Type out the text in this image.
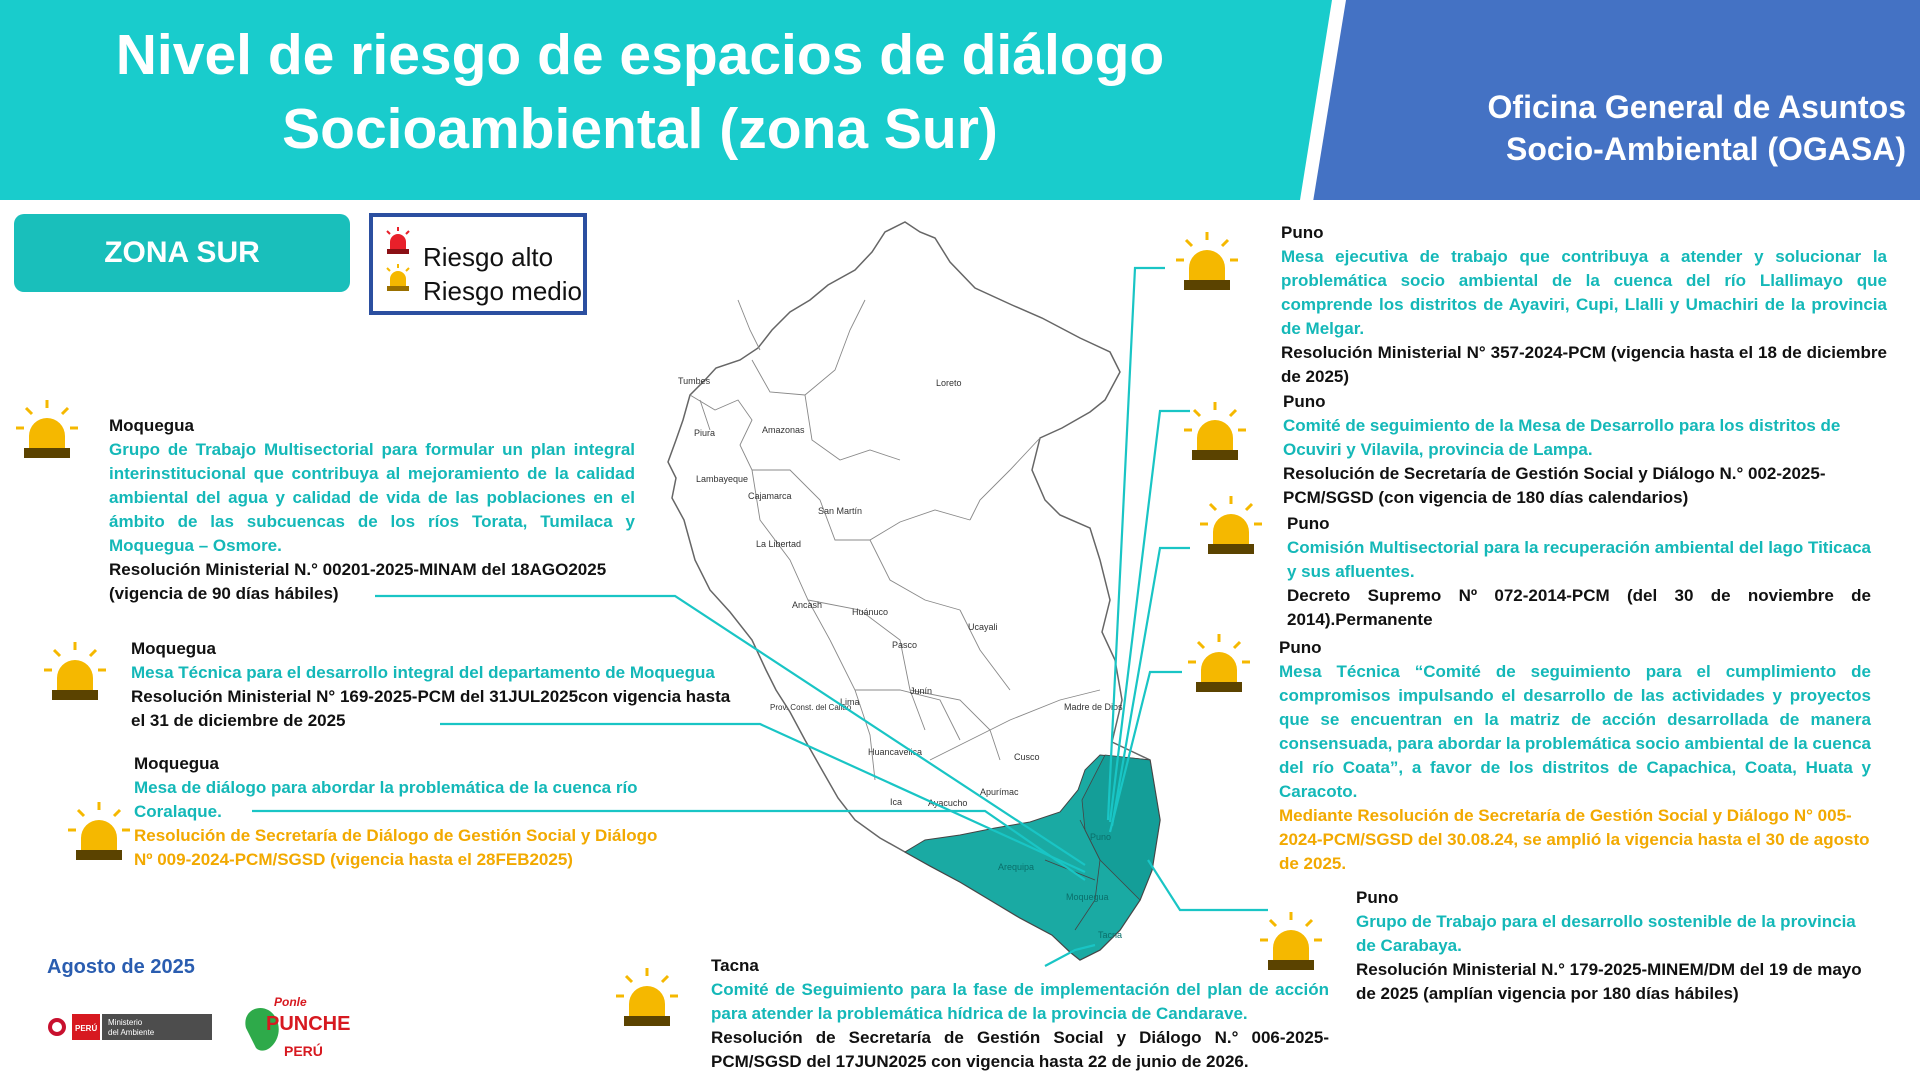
Nivel de riesgo de espacios de diálogo
Socioambiental (zona Sur)	Oficina General de Asuntos
Socio-Ambiental (OGASA)
ZONA SUR	Riesgo alto
Riesgo medio
Tumbes
Piura
Lambayeque
Amazonas
Loreto
Cajamarca
La Libertad
San Martín
Ancash
Huánuco
Pasco
Ucayali
Junín
Lima
Prov. Const. del Callao
Huancavelica
Ica	Ayacucho
Cusco
Apurímac
Madre de Dios
Arequipa
Moquegua
Tacna
Puno
Moquegua
Grupo de Trabajo Multisectorial para formular un plan integral interinstitucional que contribuya al mejoramiento de la calidad ambiental del agua y calidad de vida de las poblaciones en el ámbito de las subcuencas de los ríos Torata, Tumilaca y Moquegua – Osmore.
Resolución Ministerial N.° 00201-2025-MINAM del 18AGO2025 (vigencia de 90 días hábiles)
Moquegua
Mesa Técnica para el desarrollo integral del departamento de Moquegua
Resolución Ministerial N° 169-2025-PCM del 31JUL2025con vigencia hasta el 31 de diciembre de 2025
Moquegua
Mesa de diálogo para abordar la problemática de la cuenca río Coralaque.
Resolución de Secretaría de Diálogo de Gestión Social y Diálogo Nº 009-2024-PCM/SGSD (vigencia hasta el 28FEB2025)
Tacna
Comité de Seguimiento para la fase de implementación del plan de acción para atender la problemática hídrica de la provincia de Candarave.
Resolución de Secretaría de Gestión Social y Diálogo N.° 006-2025-PCM/SGSD del 17JUN2025 con vigencia hasta 22 de junio de 2026.
Puno
Mesa ejecutiva de trabajo que contribuya a atender y solucionar la problemática socio ambiental de la cuenca del río Llallimayo que comprende los distritos de Ayaviri, Cupi, Llalli y Umachiri de la provincia de Melgar.
Resolución Ministerial N° 357-2024-PCM (vigencia hasta el 18 de diciembre de 2025)
Puno
Comité de seguimiento de la Mesa de Desarrollo para los distritos de Ocuviri y Vilavila, provincia de Lampa.
Resolución de Secretaría de Gestión Social y Diálogo N.° 002-2025-PCM/SGSD (con vigencia de 180 días calendarios)
Puno
Comisión Multisectorial para la recuperación ambiental del lago Titicaca y sus afluentes.
Decreto Supremo Nº 072-2014-PCM (del 30 de noviembre de 2014).Permanente
Puno
Mesa Técnica “Comité de seguimiento para el cumplimiento de compromisos impulsando el desarrollo de las actividades y proyectos que se encuentran en la matriz de acción desarrollada de manera consensuada, para abordar la problemática socio ambiental de la cuenca del río Coata”, a favor de los distritos de Capachica, Coata, Huata y Caracoto.
Mediante Resolución de Secretaría de Gestión Social y Diálogo N° 005-2024-PCM/SGSD del 30.08.24, se amplió la vigencia hasta el 30 de agosto de 2025.
Puno
Grupo de Trabajo para el desarrollo sostenible de la provincia de Carabaya.
Resolución Ministerial N.° 179-2025-MINEM/DM del 19 de mayo de 2025 (amplían vigencia por 180 días hábiles)
Agosto de 2025
PERÚ
Ministerio
del Ambiente
Ponle
PUNCHE
PERÚ
